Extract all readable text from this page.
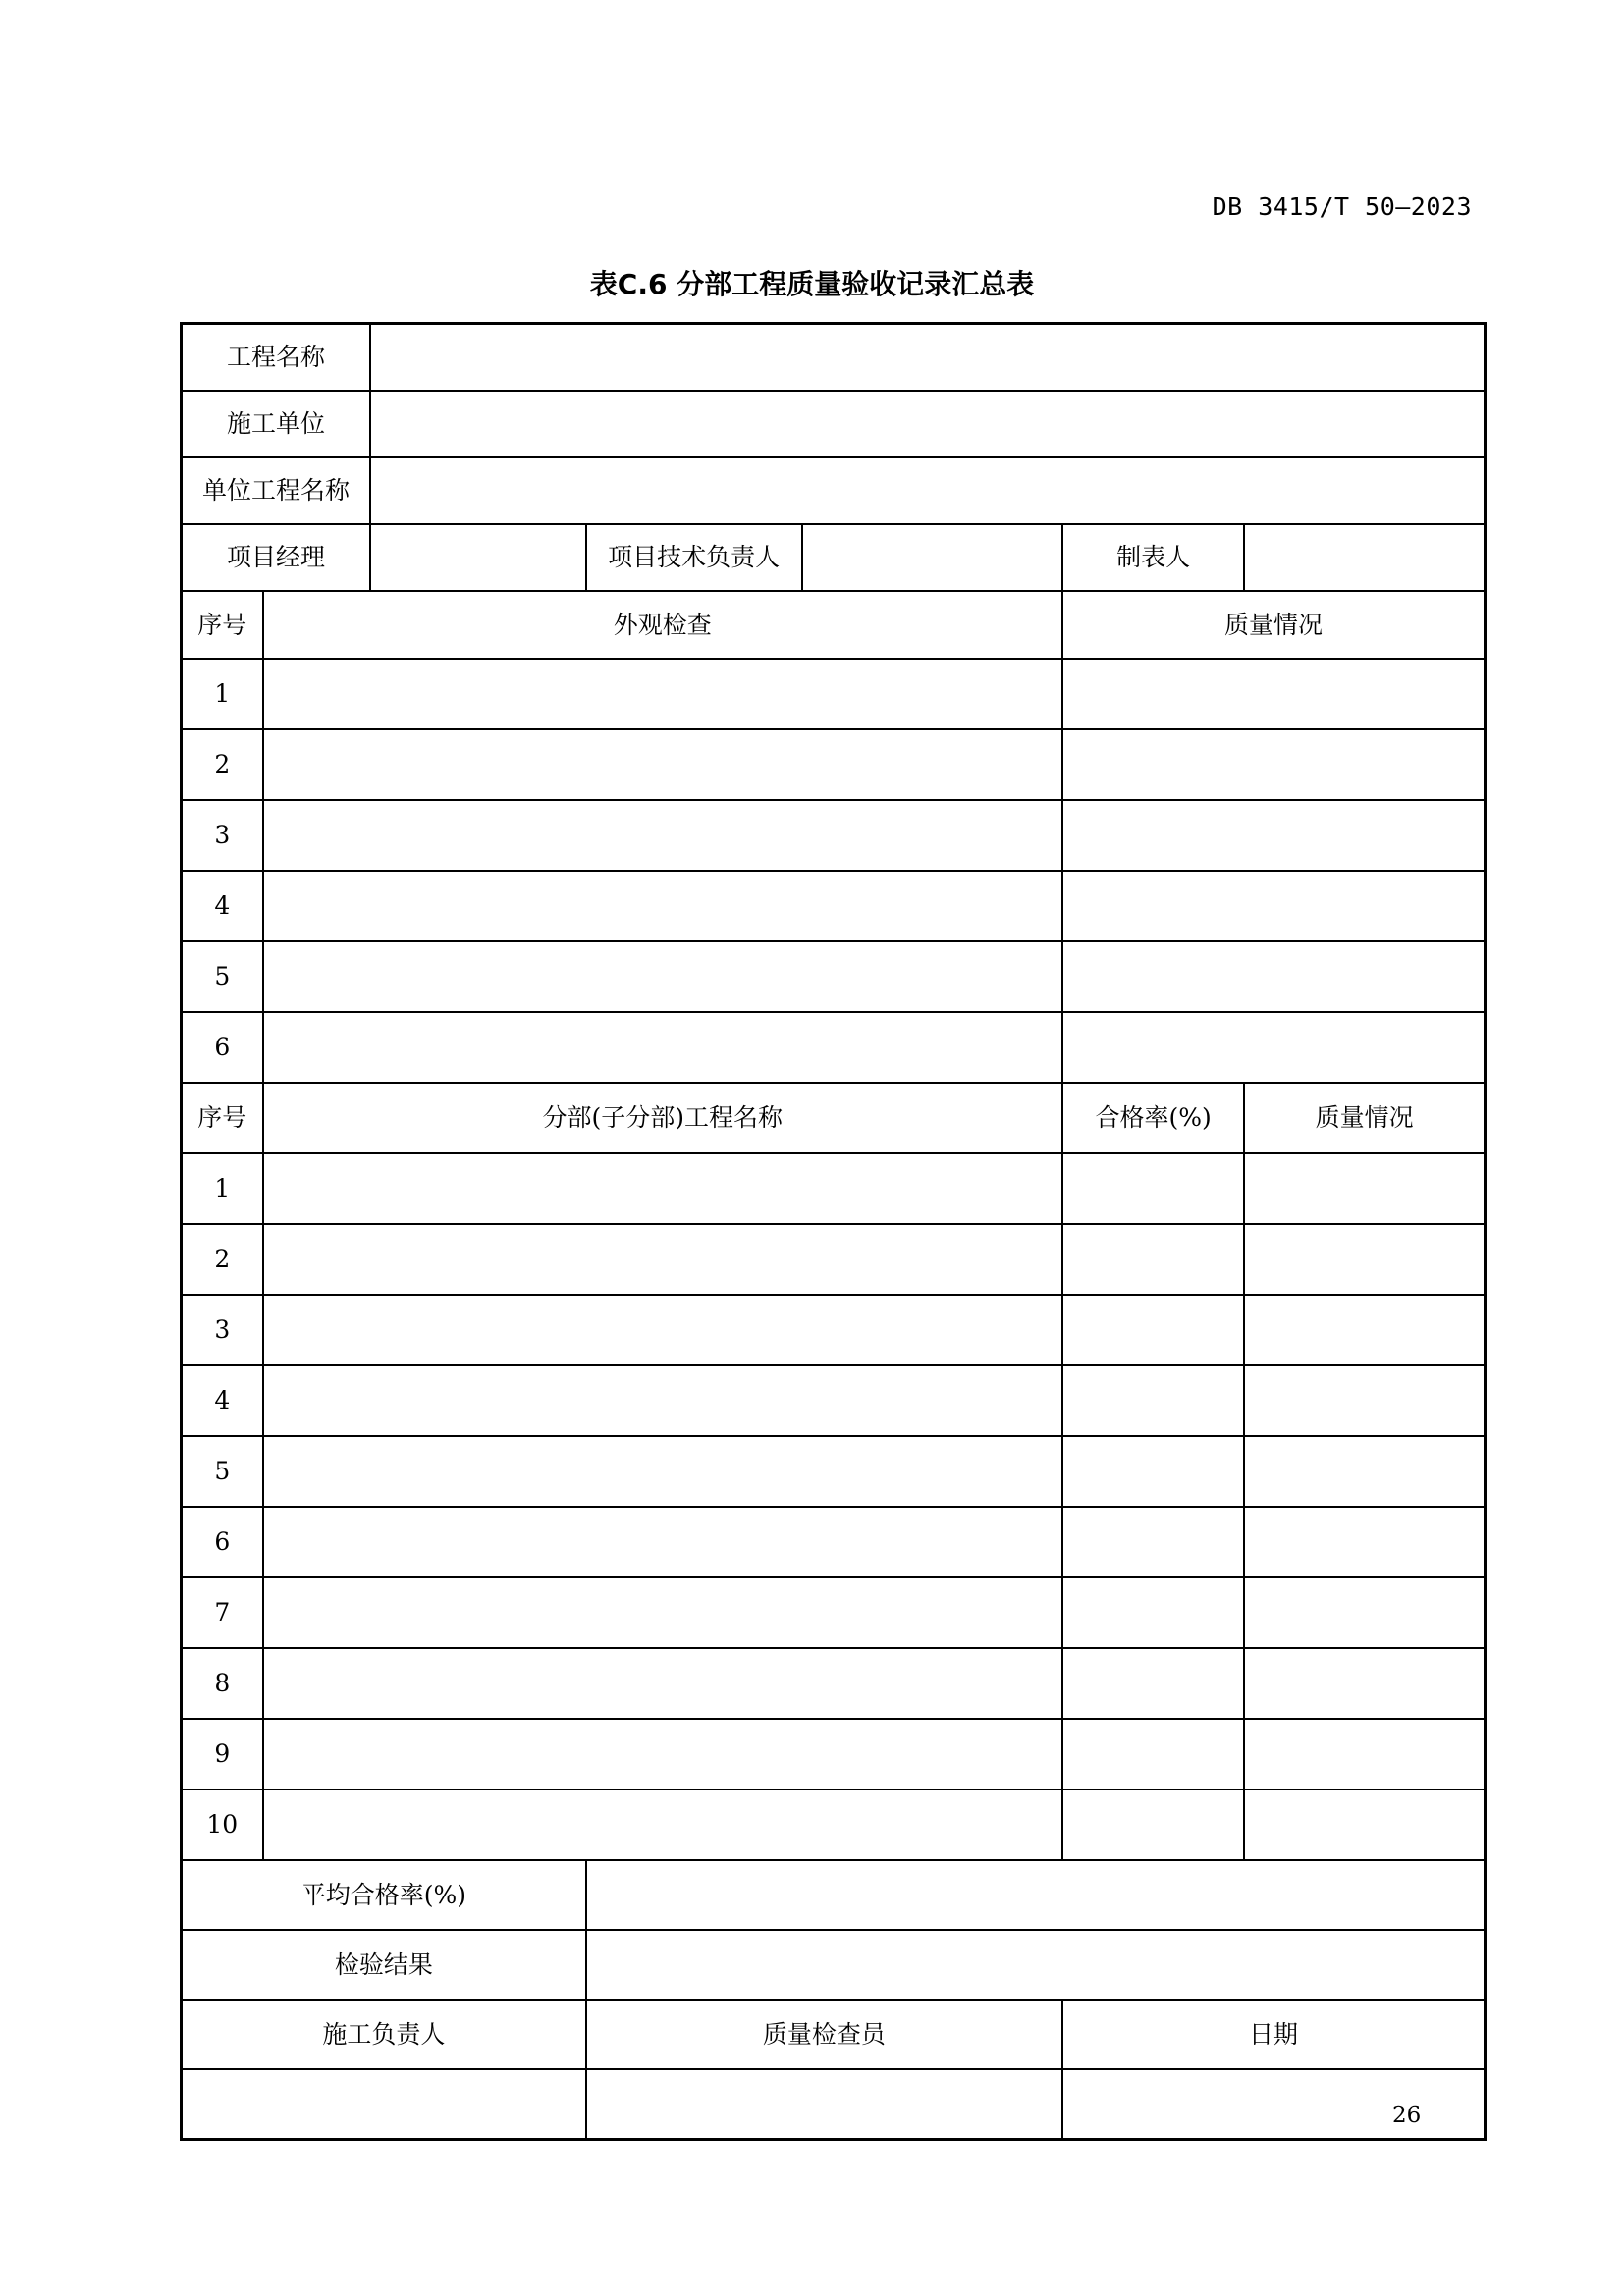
DB 3415/T 50—2023
表C.6 分部工程质量验收记录汇总表
工程名称						
施工单位						
单位工程名称						
项目经理			项目技术负责人		制表人	
序号	外观检查				质量情况	
1						
2						
3						
4						
5						
6						
序号	分部(子分部)工程名称				合格率(%)	质量情况
1						
2						
3						
4						
5						
6						
7						
8						
9						
10						
平均合格率(%)						
检验结果						
施工负责人			质量检查员		日期	

26
